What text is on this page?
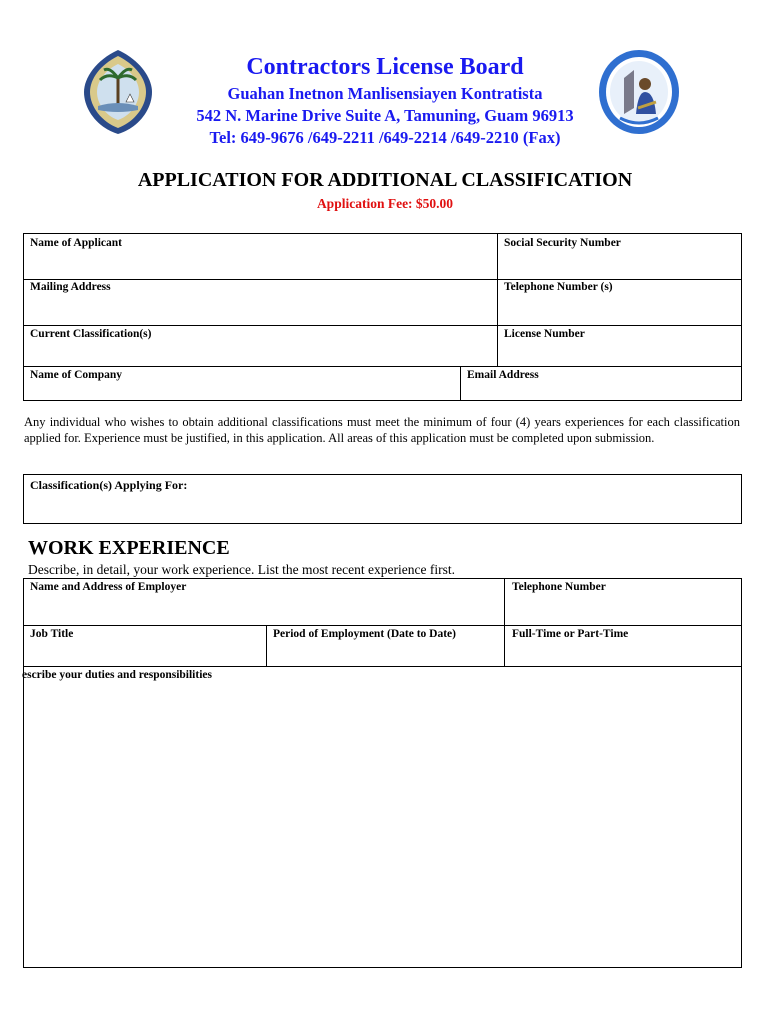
Contractors License Board
Guahan Inetnon Manlisensiayen Kontratista
542 N. Marine Drive Suite A, Tamuning, Guam 96913
Tel: 649-9676 /649-2211 /649-2214 /649-2210 (Fax)
APPLICATION FOR ADDITIONAL CLASSIFICATION
Application Fee: $50.00
Name of Applicant	Social Security Number
Mailing Address	Telephone Number (s)
Current Classification(s)	License Number
Name of Company	Email Address
Any individual who wishes to obtain additional classifications must meet the minimum of four (4) years experiences for each classification applied for. Experience must be justified, in this application. All areas of this application must be completed upon submission.
Classification(s) Applying For:
WORK EXPERIENCE
Describe, in detail, your work experience. List the most recent experience first.
Name and Address of Employer	Telephone Number
Job Title	Period of Employment (Date to Date)	Full-Time or Part-Time
escribe your duties and responsibilities
